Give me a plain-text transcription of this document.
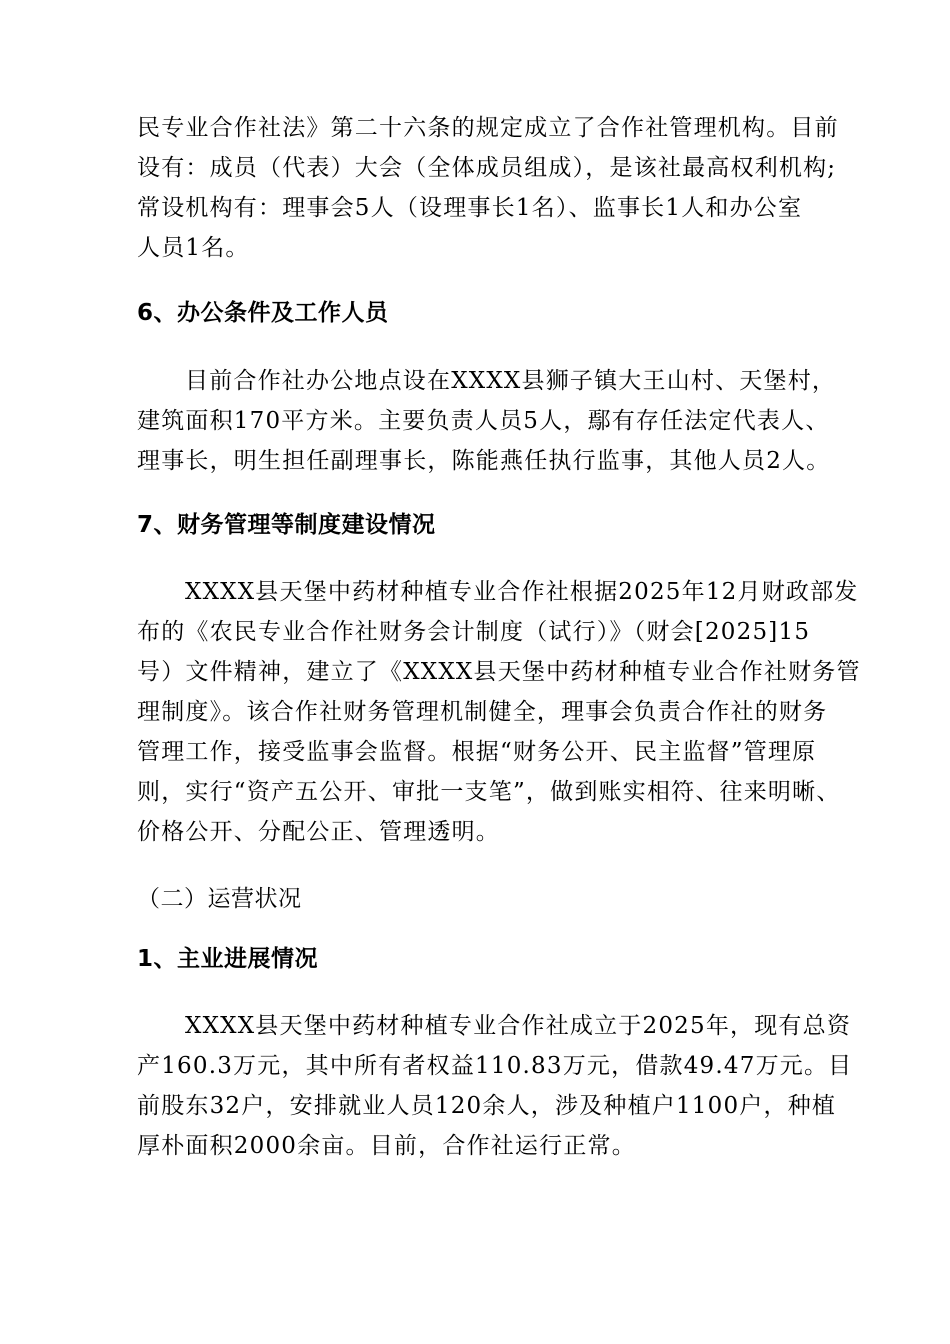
民专业合作社法》第二十六条的规定成立了合作社管理机构。目前
设有：成员（代表）大会（全体成员组成），是该社最高权利机构;
常设机构有：理事会5人（设理事长1名）、监事长1人和办公室
人员1名。
6、办公条件及工作人员
目前合作社办公地点设在XXXX县狮子镇大王山村、天堡村，
建筑面积170平方米。主要负责人员5人，鄢有存任法定代表人、
理事长，明生担任副理事长，陈能燕任执行监事，其他人员2人。
7、财务管理等制度建设情况
XXXX县天堡中药材种植专业合作社根据2025年12月财政部发
布的《农民专业合作社财务会计制度（试行）》（财会[2025]15
号）文件精神，建立了《XXXX县天堡中药材种植专业合作社财务管
理制度》。该合作社财务管理机制健全，理事会负责合作社的财务
管理工作，接受监事会监督。根据“财务公开、民主监督”管理原
则，实行“资产五公开、审批一支笔”，做到账实相符、往来明晰、
价格公开、分配公正、管理透明。
（二）运营状况
1、主业进展情况
XXXX县天堡中药材种植专业合作社成立于2025年，现有总资
产160.3万元，其中所有者权益110.83万元，借款49.47万元。目
前股东32户，安排就业人员120余人，涉及种植户1100户，种植
厚朴面积2000余亩。目前，合作社运行正常。
